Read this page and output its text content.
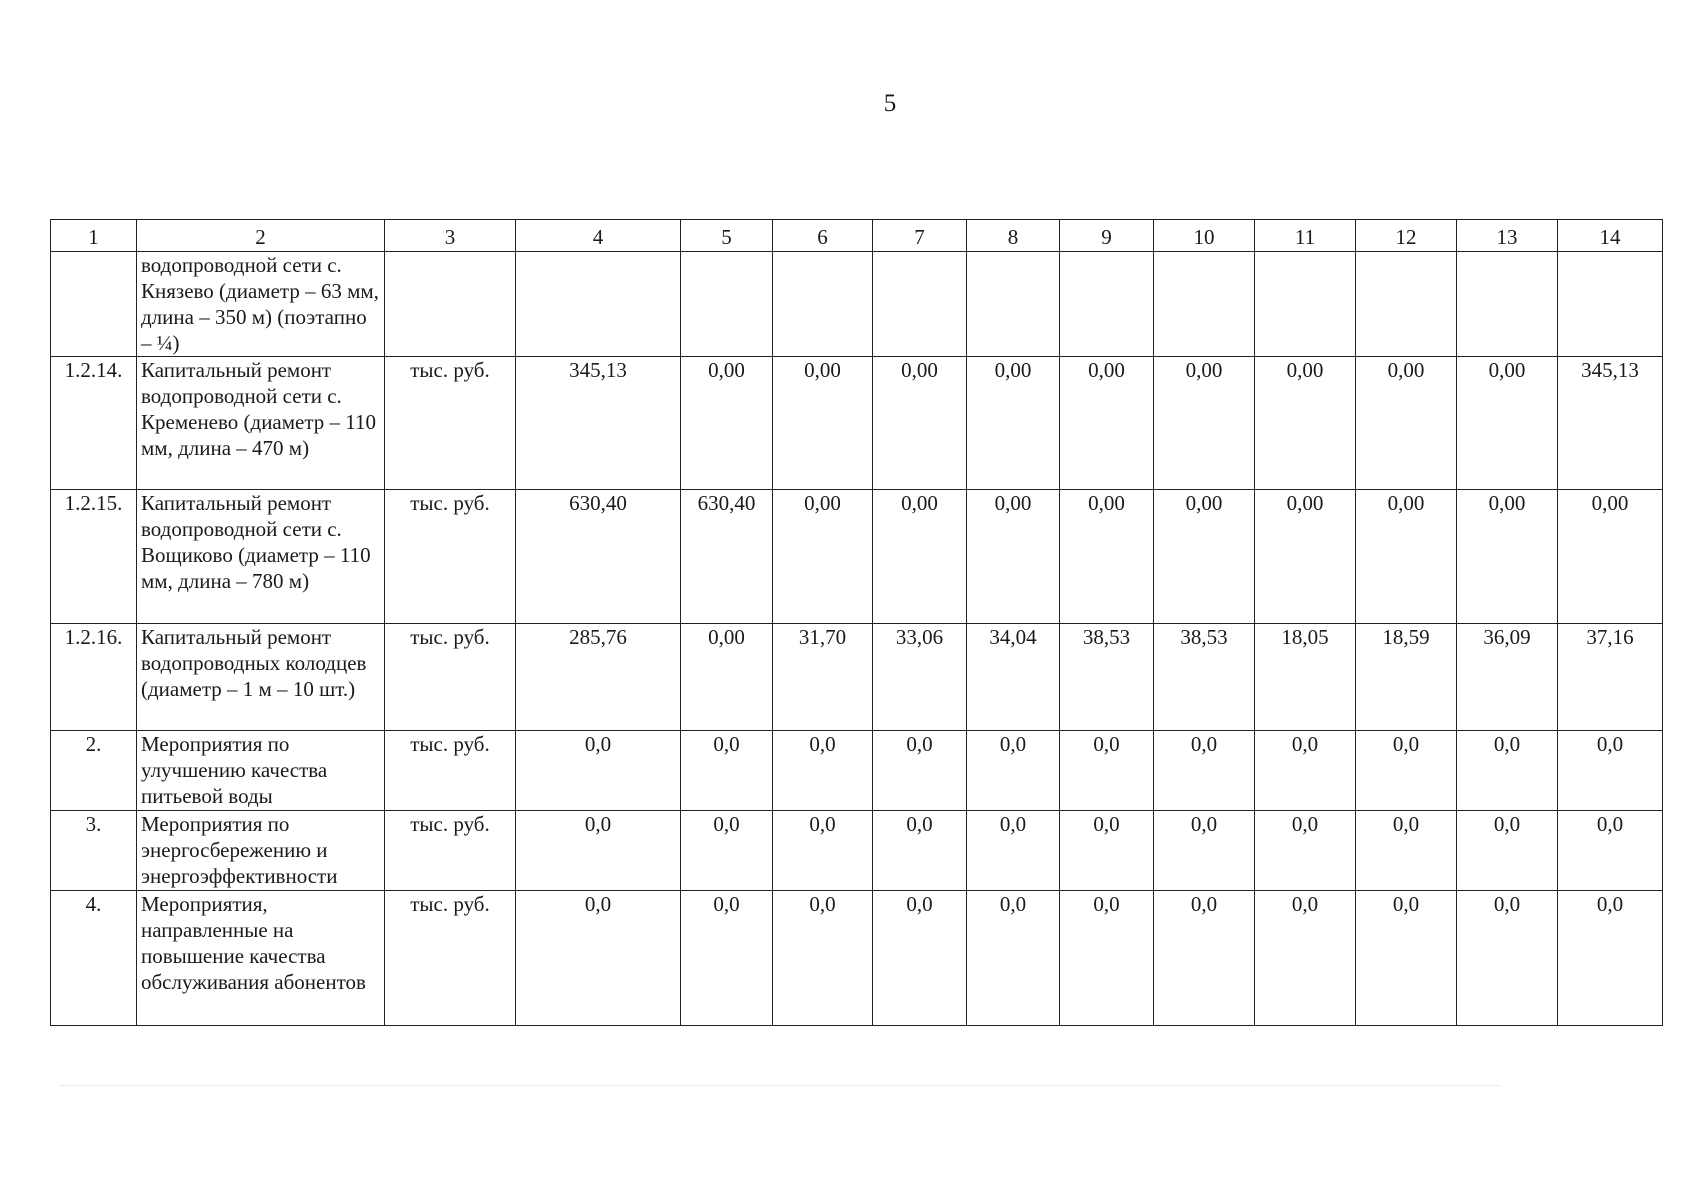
5
1	2	3	4	5	6	7	8	9	10	11	12	13	14
	водопроводной сети с. Князево (диаметр – 63 мм, длина – 350 м) (поэтапно – ¼)												
1.2.14.	Капитальный ремонт водопроводной сети с. Кременево (диаметр – 110 мм, длина – 470 м)	тыс. руб.	345,13	0,00	0,00	0,00	0,00	0,00	0,00	0,00	0,00	0,00	345,13
1.2.15.	Капитальный ремонт водопроводной сети с. Вощиково (диаметр – 110 мм, длина – 780 м)	тыс. руб.	630,40	630,40	0,00	0,00	0,00	0,00	0,00	0,00	0,00	0,00	0,00
1.2.16.	Капитальный ремонт водопроводных колодцев (диаметр – 1 м – 10 шт.)	тыс. руб.	285,76	0,00	31,70	33,06	34,04	38,53	38,53	18,05	18,59	36,09	37,16
2.	Мероприятия по улучшению качества питьевой воды	тыс. руб.	0,0	0,0	0,0	0,0	0,0	0,0	0,0	0,0	0,0	0,0	0,0
3.	Мероприятия по энергосбережению и энергоэффективности	тыс. руб.	0,0	0,0	0,0	0,0	0,0	0,0	0,0	0,0	0,0	0,0	0,0
4.	Мероприятия, направленные на повышение качества обслуживания абонентов	тыс. руб.	0,0	0,0	0,0	0,0	0,0	0,0	0,0	0,0	0,0	0,0	0,0
